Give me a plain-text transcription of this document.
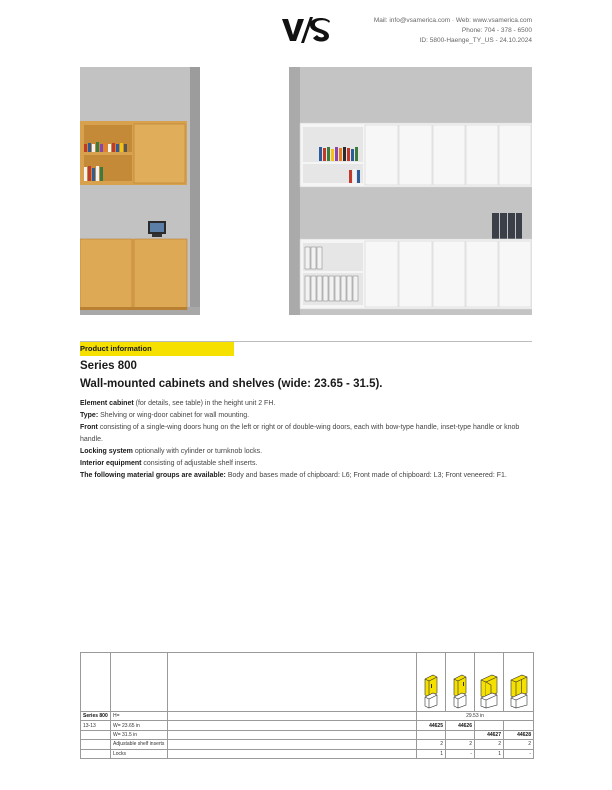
Mail: info@vsamerica.com · Web: www.vsamerica.com
Phone: 704 - 378 - 6500
ID: 5800-Haenge_TY_US - 24.10.2024
Product information
Series 800
Wall-mounted cabinets and shelves (wide: 23.65 - 31.5).

Element cabinet (for details, see table) in the height unit 2 FH.

Type: Shelving or wing-door cabinet for wall mounting.

Front consisting of a single-wing doors hung on the left or right or of double-wing doors, each with bow-type handle, inset-type handle or knob handle.

Locking system optionally with cylinder or turnknob locks.

Interior equipment consisting of adjustable shelf inserts.

The following material groups are available: Body and bases made of chipboard: L6; Front made of chipboard: L3; Front veneered: F1.

Series 800	H=		29.53 in			
13-13	W= 23.65 in		44625	44626		
	W= 31.5 in				44627	44628
	Adjustable shelf inserts		2	2	2	2
	Locks		1	-	1	-
